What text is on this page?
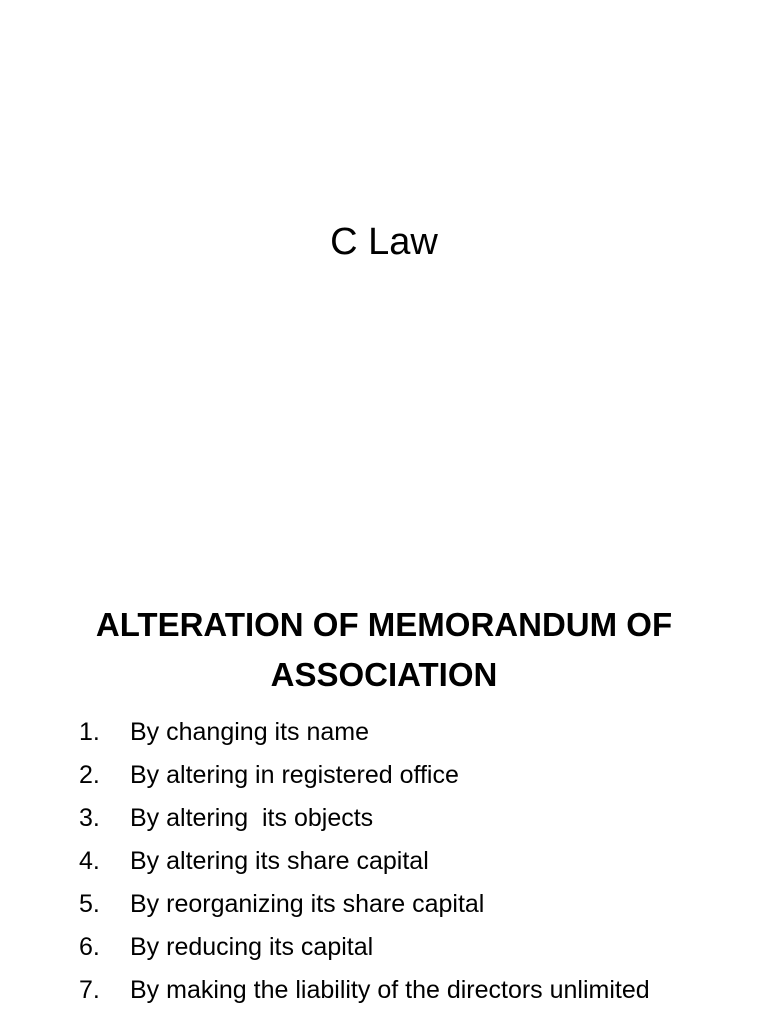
C Law
ALTERATION OF MEMORANDUM OF ASSOCIATION
1. By changing its name
2. By altering in registered office
3. By altering  its objects
4. By altering its share capital
5. By reorganizing its share capital
6. By reducing its capital
7. By making the liability of the directors unlimited
